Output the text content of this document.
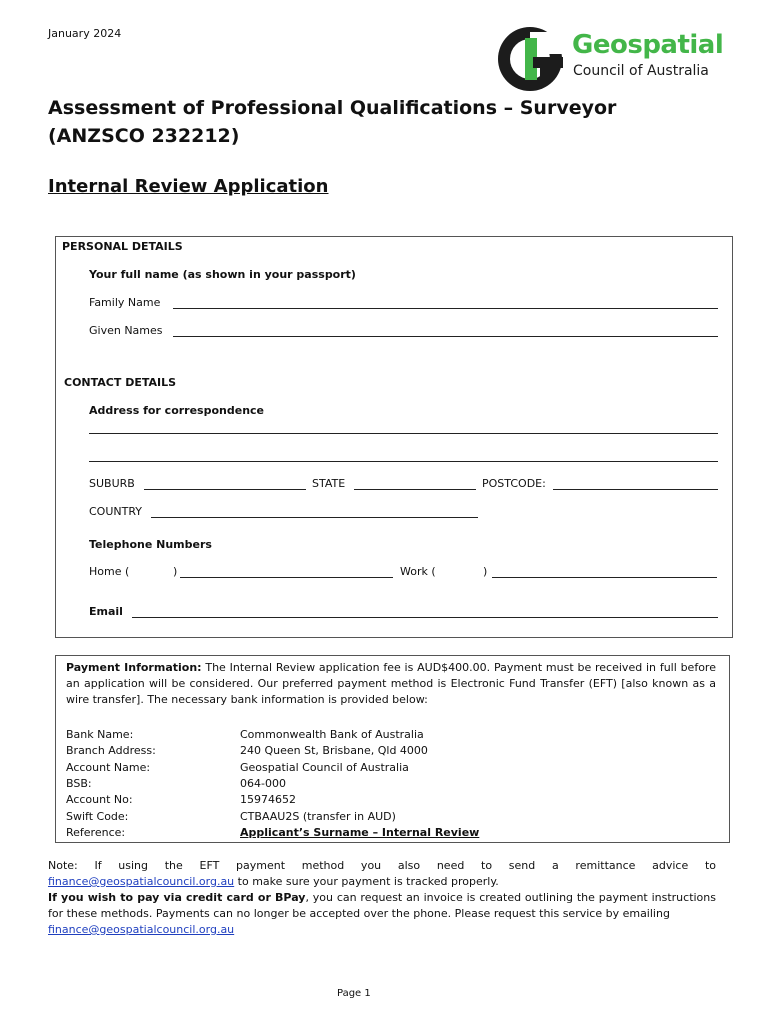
January 2024	Geospatial
Council of Australia
Assessment of Professional Qualifications – Surveyor (ANZSCO 232212)
Internal Review Application
PERSONAL DETAILS
Your full name (as shown in your passport)
Family Name
Given Names
CONTACT DETAILS
Address for correspondence
SUBURB	STATE	POSTCODE:
COUNTRY
Telephone Numbers
Home (	)	Work (	)
Email
Payment Information: The Internal Review application fee is AUD$400.00. Payment must be received in full before an application will be considered. Our preferred payment method is Electronic Fund Transfer (EFT) [also known as a wire transfer]. The necessary bank information is provided below:
Bank Name:	Commonwealth Bank of Australia
Branch Address:	240 Queen St, Brisbane, Qld 4000
Account Name:	Geospatial Council of Australia
BSB:	064-000
Account No:	15974652
Swift Code:	CTBAAU2S (transfer in AUD)
Reference:	Applicant’s Surname – Internal Review

Note: If using the EFT payment method you also need to send a remittance advice to

finance@geospatialcouncil.org.au to make sure your payment is tracked properly.

If you wish to pay via credit card or BPay, you can request an invoice is created outlining the payment instructions for these methods. Payments can no longer be accepted over the phone. Please request this service by emailing

finance@geospatialcouncil.org.au

Page 1
